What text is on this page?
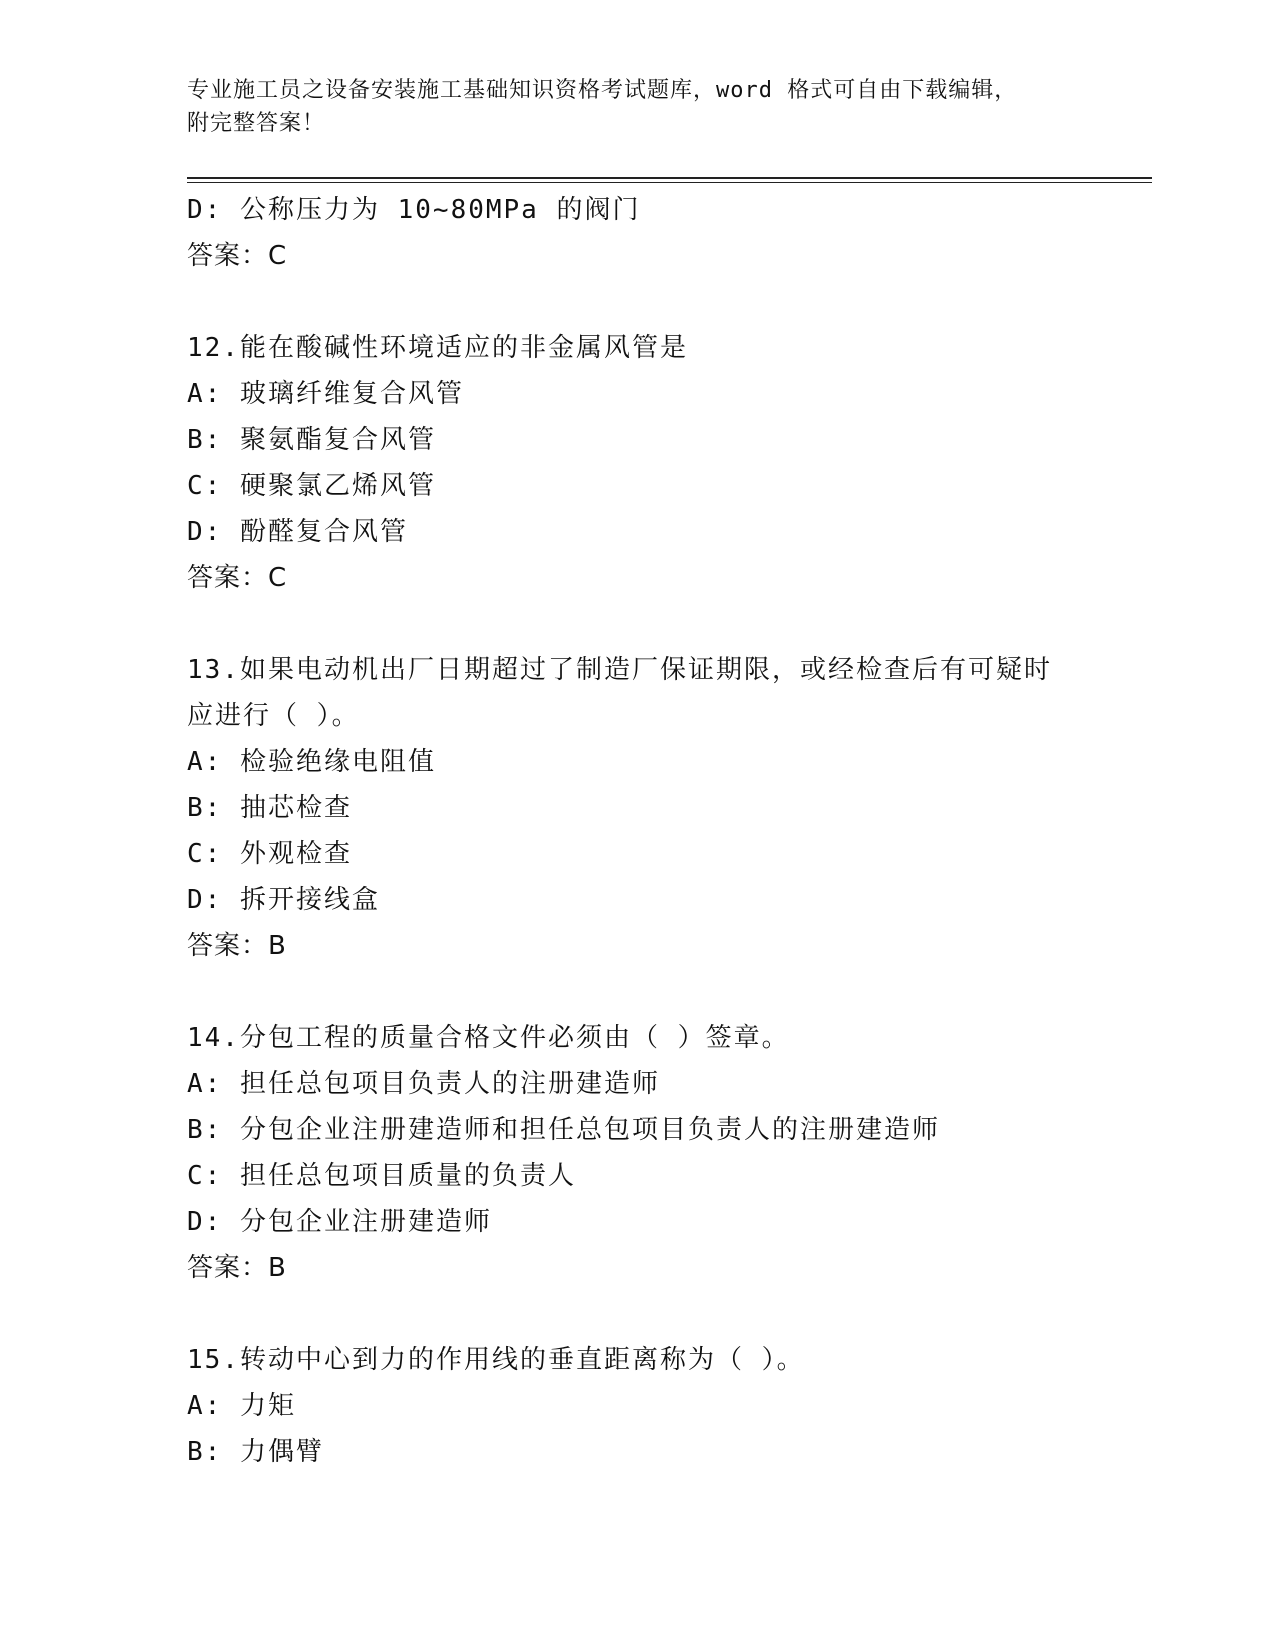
专业施工员之设备安装施工基础知识资格考试题库，word 格式可自由下载编辑，
附完整答案！
D: 公称压力为 10~80MPa 的阀门
答案：C
12.能在酸碱性环境适应的非金属风管是
A: 玻璃纤维复合风管
B: 聚氨酯复合风管
C: 硬聚氯乙烯风管
D: 酚醛复合风管
答案：C
13.如果电动机出厂日期超过了制造厂保证期限，或经检查后有可疑时
应进行（ ）。
A: 检验绝缘电阻值
B: 抽芯检查
C: 外观检查
D: 拆开接线盒
答案：B
14.分包工程的质量合格文件必须由（ ）签章。
A: 担任总包项目负责人的注册建造师
B: 分包企业注册建造师和担任总包项目负责人的注册建造师
C: 担任总包项目质量的负责人
D: 分包企业注册建造师
答案：B
15.转动中心到力的作用线的垂直距离称为（ ）。
A: 力矩
B: 力偶臂
